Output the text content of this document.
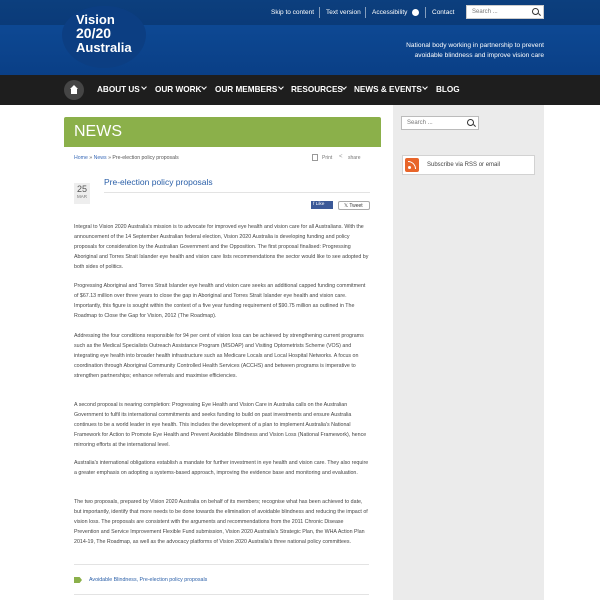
Vision
20/20
Australia
Skip to content Text version Accessibility	Contact	Search ...
National body working in partnership to prevent
avoidable blindness and improve vision care
ABOUT US OUR WORK OUR MEMBERS RESOURCES NEWS & EVENTS BLOG
NEWS
Home » News » Pre-election policy proposals	Print <	share
25
MAR
Pre-election policy proposals
f Like	𝕏 Tweet

Integral to Vision 2020 Australia's mission is to advocate for improved eye health and vision care for all Australians. With the announcement of the 14 September Australian federal election, Vision 2020 Australia is developing funding and policy proposals for consideration by the Australian Government and the Opposition. The first proposal finalised: Progressing Aboriginal and Torres Strait Islander eye health and vision care lists recommendations the sector would like to see adopted by both sides of politics.

Progressing Aboriginal and Torres Strait Islander eye health and vision care seeks an additional capped funding commitment of $67.13 million over three years to close the gap in Aboriginal and Torres Strait Islander eye health and vision care. Importantly, this figure is sought within the context of a five year funding requirement of $90.75 million as outlined in The Roadmap to Close the Gap for Vision, 2012 (The Roadmap).

Addressing the four conditions responsible for 94 per cent of vision loss can be achieved by strengthening current programs such as the Medical Specialists Outreach Assistance Program (MSOAP) and Visiting Optometrists Scheme (VOS) and integrating eye health into broader health infrastructure such as Medicare Locals and Local Hospital Networks. A focus on coordination through Aboriginal Community Controlled Health Services (ACCHS) and between programs is imperative to strengthen partnerships; enhance referrals and maximise efficiencies.

A second proposal is nearing completion: Progressing Eye Health and Vision Care in Australia calls on the Australian Government to fulfil its international commitments and seeks funding to build on past investments and ensure Australia continues to be a world leader in eye health. This includes the development of a plan to implement Australia's National Framework for Action to Promote Eye Health and Prevent Avoidable Blindness and Vision Loss (National Framework), hence mirroring efforts at the international level.

Australia's international obligations establish a mandate for further investment in eye health and vision care. They also require a greater emphasis on adopting a systems-based approach, improving the evidence base and monitoring and evaluation.

The two proposals, prepared by Vision 2020 Australia on behalf of its members; recognise what has been achieved to date, but importantly, identify that more needs to be done towards the elimination of avoidable blindness and reducing the impact of vision loss. The proposals are consistent with the arguments and recommendations from the 2011 Chronic Disease Prevention and Service Improvement Flexible Fund submission, Vision 2020 Australia's Strategic Plan, the WHA Action Plan 2014-19, The Roadmap, as well as the advocacy platforms of Vision 2020 Australia's three national policy committees.

Avoidable Blindness, Pre-election policy proposals
Search ...
Subscribe via RSS or email
